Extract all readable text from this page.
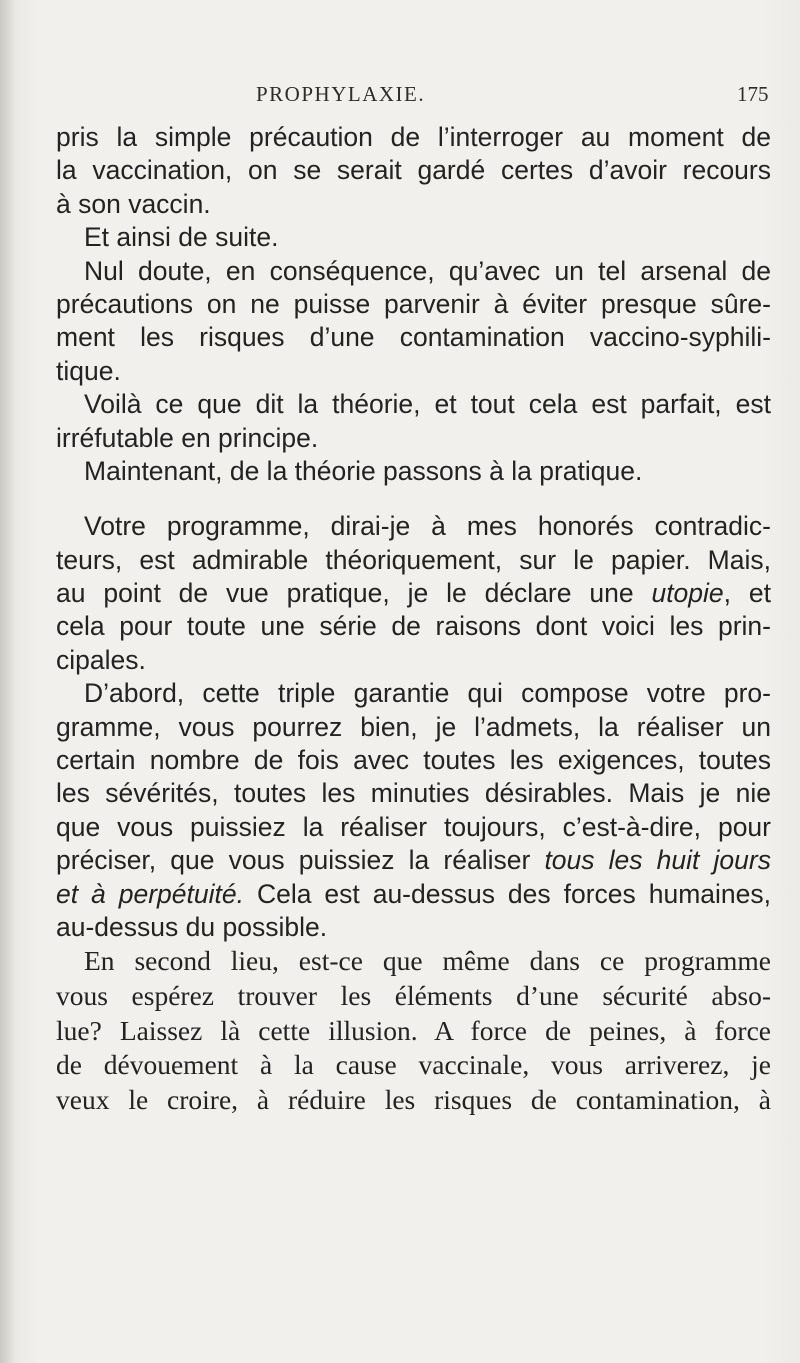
PROPHYLAXIE.	175
pris la simple précaution de l’interroger au moment de
la vaccination, on se serait gardé certes d’avoir recours
à son vaccin.
Et ainsi de suite.
Nul doute, en conséquence, qu’avec un tel arsenal de
précautions on ne puisse parvenir à éviter presque sûre-
ment les risques d’une contamination vaccino-syphili-
tique.
Voilà ce que dit la théorie, et tout cela est parfait, est
irréfutable en principe.
Maintenant, de la théorie passons à la pratique.
Votre programme, dirai-je à mes honorés contradic-
teurs, est admirable théoriquement, sur le papier. Mais,
au point de vue pratique, je le déclare une utopie, et
cela pour toute une série de raisons dont voici les prin-
cipales.
D’abord, cette triple garantie qui compose votre pro-
gramme, vous pourrez bien, je l’admets, la réaliser un
certain nombre de fois avec toutes les exigences, toutes
les sévérités, toutes les minuties désirables. Mais je nie
que vous puissiez la réaliser toujours, c’est-à-dire, pour
préciser, que vous puissiez la réaliser tous les huit jours
et à perpétuité. Cela est au-dessus des forces humaines,
au-dessus du possible.
En second lieu, est-ce que même dans ce programme
vous espérez trouver les éléments d’une sécurité abso-
lue? Laissez là cette illusion. A force de peines, à force
de dévouement à la cause vaccinale, vous arriverez, je
veux le croire, à réduire les risques de contamination, à
